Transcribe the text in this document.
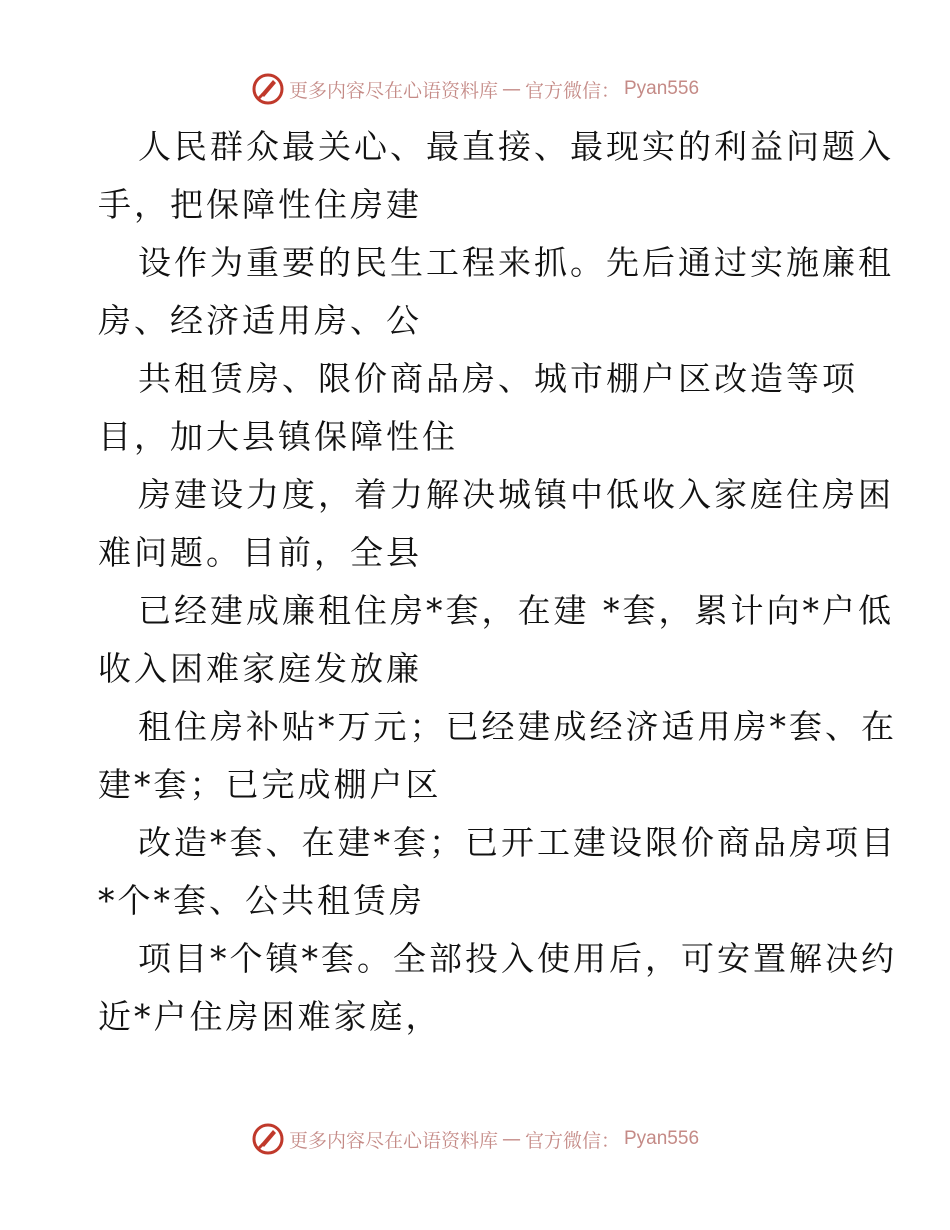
更多内容尽在心语资料库 — 官方微信： Pyan556
人民群众最关心、最直接、最现实的利益问题入
手，把保障性住房建
设作为重要的民生工程来抓。先后通过实施廉租
房、经济适用房、公
共租赁房、限价商品房、城市棚户区改造等项
目，加大县镇保障性住
房建设力度，着力解决城镇中低收入家庭住房困
难问题。目前，全县
已经建成廉租住房*套，在建 *套，累计向*户低
收入困难家庭发放廉
租住房补贴*万元；已经建成经济适用房*套、在
建*套；已完成棚户区
改造*套、在建*套；已开工建设限价商品房项目
*个*套、公共租赁房
项目*个镇*套。全部投入使用后，可安置解决约
近*户住房困难家庭，
更多内容尽在心语资料库 — 官方微信： Pyan556
